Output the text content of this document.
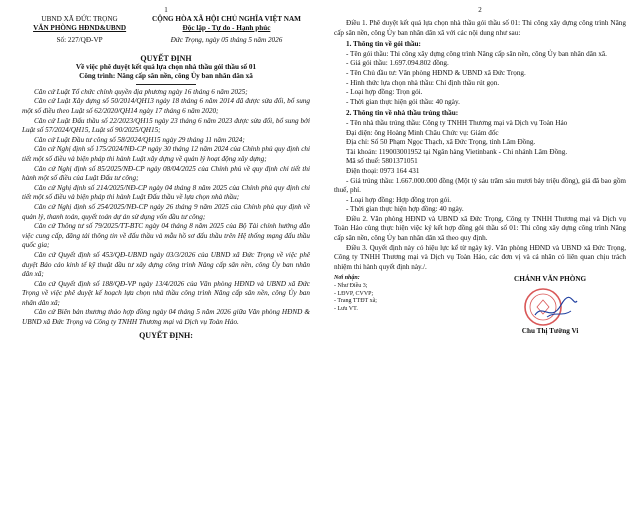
1
UBND XÃ ĐỨC TRỌNG
VĂN PHÒNG HĐND&UBND
CỘNG HÒA XÃ HỘI CHỦ NGHĨA VIỆT NAM
Độc lập - Tự do - Hạnh phúc
Số: 227/QĐ-VP	Đức Trọng, ngày 05 tháng 5 năm 2026
QUYẾT ĐỊNH
Về việc phê duyệt kết quả lựa chọn nhà thầu gói thầu số 01
Công trình: Nâng cấp sân nền, công Ủy ban nhân dân xã

Căn cứ Luật Tổ chức chính quyền địa phương ngày 16 tháng 6 năm 2025;

Căn cứ Luật Xây dựng số 50/2014/QH13 ngày 18 tháng 6 năm 2014 đã được sửa đổi, bổ sung một số điều theo Luật số 62/2020/QH14 ngày 17 tháng 6 năm 2020;

Căn cứ Luật Đấu thầu số 22/2023/QH15 ngày 23 tháng 6 năm 2023 được sửa đổi, bổ sung bởi Luật số 57/2024/QH15, Luật số 90/2025/QH15;

Căn cứ Luật Đầu tư công số 58/2024/QH15 ngày 29 tháng 11 năm 2024;

Căn cứ Nghị định số 175/2024/NĐ-CP ngày 30 tháng 12 năm 2024 của Chính phủ quy định chi tiết một số điều và biện pháp thi hành Luật xây dựng về quản lý hoạt động xây dựng;

Căn cứ Nghị định số 85/2025/NĐ-CP ngày 08/04/2025 của Chính phủ về quy định chi tiết thi hành một số điều của Luật Đấu tư công;

Căn cứ Nghị định số 214/2025/NĐ-CP ngày 04 tháng 8 năm 2025 của Chính phủ quy định chi tiết một số điều và biện pháp thi hành Luật Đấu thầu về lựa chọn nhà thầu;

Căn cứ Nghị định số 254/2025/NĐ-CP ngày 26 tháng 9 năm 2025 của Chính phủ quy định về quản lý, thanh toán, quyết toán dự án sử dụng vốn đầu tư công;

Căn cứ Thông tư số 79/2025/TT-BTC ngày 04 tháng 8 năm 2025 của Bộ Tài chính hướng dẫn việc cung cấp, đăng tải thông tin về đấu thầu và mẫu hồ sơ đấu thầu trên Hệ thống mạng đấu thầu quốc gia;

Căn cứ Quyết định số 453/QĐ-UBND ngày 03/3/2026 của UBND xã Đức Trọng về việc phê duyệt Báo cáo kinh tế kỹ thuật đầu tư xây dựng công trình Nâng cấp sân nền, công Ủy ban nhân dân xã;

Căn cứ Quyết định số 188/QĐ-VP ngày 13/4/2026 của Văn phòng HĐND và UBND xã Đức Trọng về việc phê duyệt kế hoạch lựa chọn nhà thầu công trình Nâng cấp sân nền, công Ủy ban nhân dân xã;

Căn cứ Biên bản thương thảo hợp đồng ngày 04 tháng 5 năm 2026 giữa Văn phòng HĐND & UBND xã Đức Trọng và Công ty TNHH Thương mại và Dịch vụ Toàn Hảo.

QUYẾT ĐỊNH:
2

Điều 1. Phê duyệt kết quả lựa chọn nhà thầu gói thầu số 01: Thi công xây dựng công trình Nâng cấp sân nền, công Ủy ban nhân dân xã với các nội dung như sau:

1. Thông tin về gói thầu:

- Tên gói thầu: Thi công xây dựng công trình Nâng cấp sân nền, công Ủy ban nhân dân xã.

- Giá gói thầu: 1.697.094.802 đồng.

- Tên Chủ đầu tư: Văn phòng HĐND & UBND xã Đức Trọng.

- Hình thức lựa chọn nhà thầu: Chỉ định thầu rút gọn.

- Loại hợp đồng: Trọn gói.

- Thời gian thực hiện gói thầu: 40 ngày.

2. Thông tin về nhà thầu trúng thầu:

- Tên nhà thầu trúng thầu: Công ty TNHH Thương mại và Dịch vụ Toàn Hảo

Đại diện: ông Hoàng Minh Châu Chức vụ: Giám đốc

Địa chỉ: Số 50 Phạm Ngọc Thạch, xã Đức Trọng, tỉnh Lâm Đồng.

Tài khoản: 119003001952 tại Ngân hàng Vietinbank - Chi nhánh Lâm Đồng.

Mã số thuế: 5801371051

Điện thoại: 0973 164 431

- Giá trúng thầu: 1.667.000.000 đồng (Một tỷ sáu trăm sáu mươi bảy triệu đồng), giá đã bao gồm thuế, phí.

- Loại hợp đồng: Hợp đồng trọn gói.

- Thời gian thực hiện hợp đồng: 40 ngày.

Điều 2. Văn phòng HĐND và UBND xã Đức Trọng, Công ty TNHH Thương mại và Dịch vụ Toàn Hảo cùng thực hiện việc ký kết hợp đồng gói thầu số 01: Thi công xây dựng công trình Nâng cấp sân nền, công Ủy ban nhân dân xã theo quy định.

Điều 3. Quyết định này có hiệu lực kể từ ngày ký. Văn phòng HĐND và UBND xã Đức Trọng, Công ty TNHH Thương mại và Dịch vụ Toàn Hảo, các đơn vị và cá nhân có liên quan chịu trách nhiệm thi hành quyết định này./.

Nơi nhận:
- Như Điều 3;
- LĐVP, CVVP;
- Trang TTĐT xã;
- Lưu VT.
CHÁNH VĂN PHÒNG
Chu Thị Tường Vi
